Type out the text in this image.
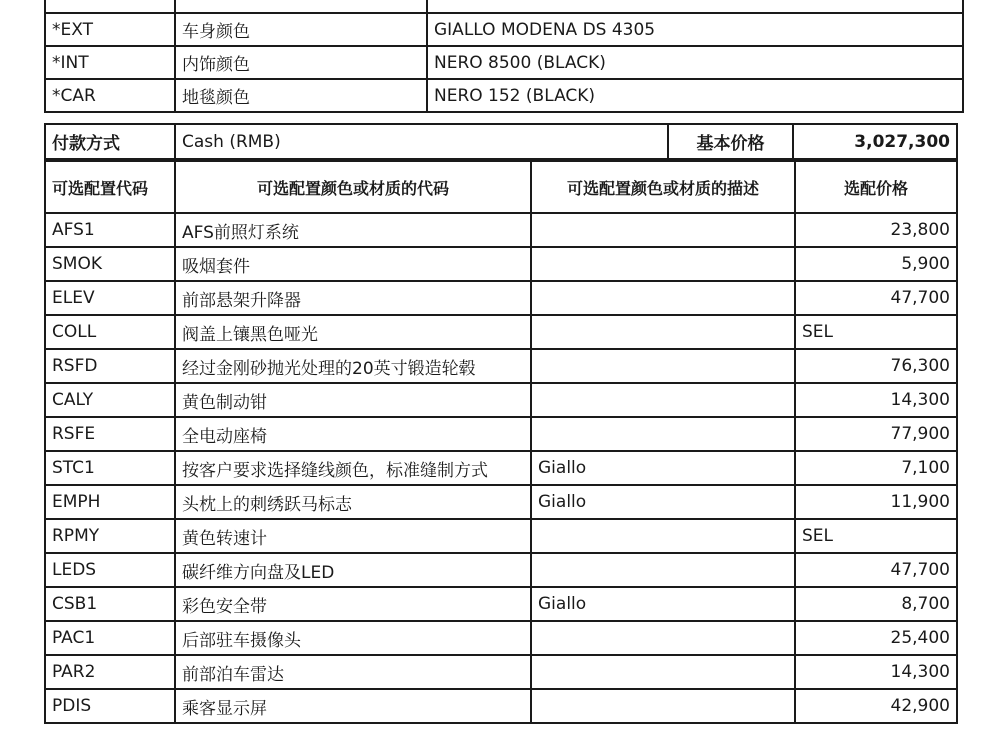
*EXT	车身颜色	GIALLO MODENA DS 4305
*INT	内饰颜色	NERO 8500 (BLACK)
*CAR	地毯颜色	NERO 152 (BLACK)
付款方式	Cash (RMB)	基本价格	3,027,300
可选配置代码	可选配置颜色或材质的代码	可选配置颜色或材质的描述	选配价格
AFS1	AFS前照灯系统		23,800
SMOK	吸烟套件		5,900
ELEV	前部悬架升降器		47,700
COLL	阀盖上镶黑色哑光		SEL
RSFD	经过金刚砂抛光处理的20英寸锻造轮毂		76,300
CALY	黄色制动钳		14,300
RSFE	全电动座椅		77,900
STC1	按客户要求选择缝线颜色，标准缝制方式	Giallo	7,100
EMPH	头枕上的刺绣跃马标志	Giallo	11,900
RPMY	黄色转速计		SEL
LEDS	碳纤维方向盘及LED		47,700
CSB1	彩色安全带	Giallo	8,700
PAC1	后部驻车摄像头		25,400
PAR2	前部泊车雷达		14,300
PDIS	乘客显示屏		42,900
